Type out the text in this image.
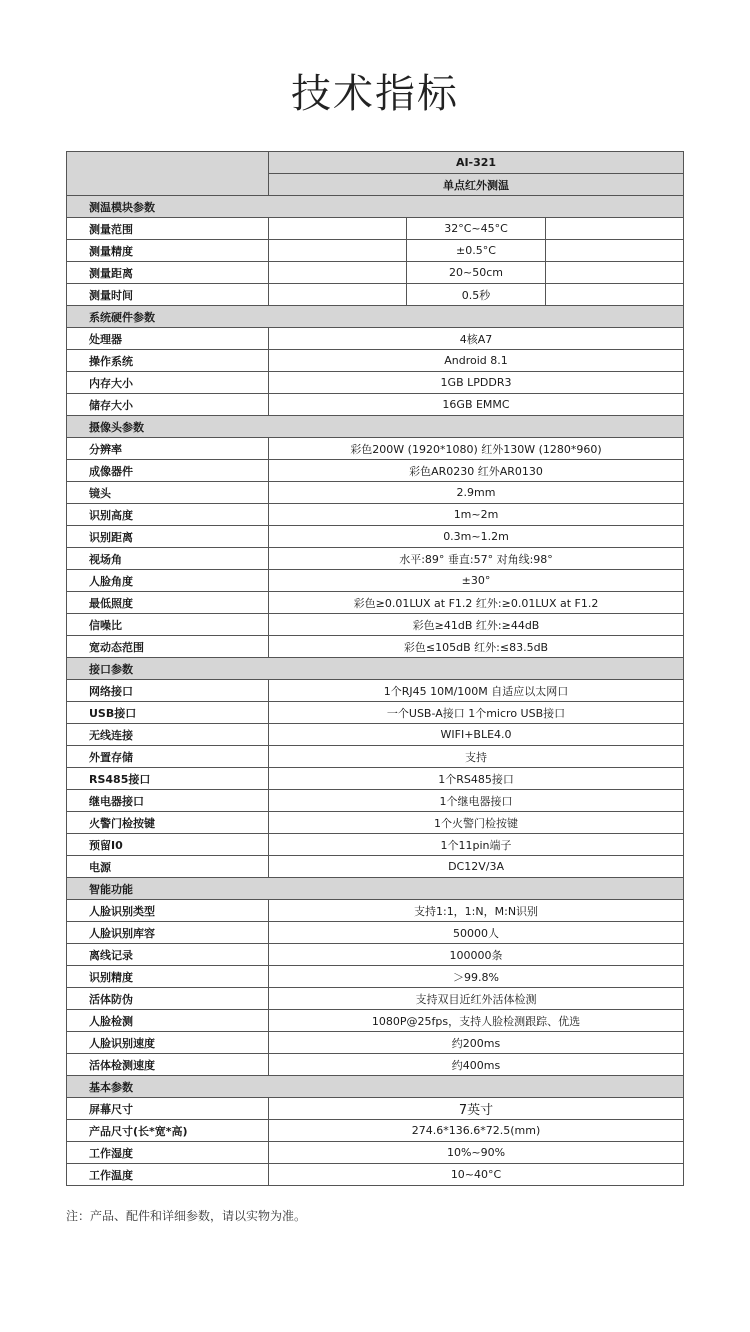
技术指标
	AI-321		
	单点红外测温		
测温模块参数			
测量范围		32°C~45°C	
测量精度		±0.5°C	
测量距离		20~50cm	
测量时间		0.5秒	
系统硬件参数			
处理器	4核A7		
操作系统	Android 8.1		
内存大小	1GB LPDDR3		
储存大小	16GB EMMC		
摄像头参数			
分辨率	彩色200W (1920*1080) 红外130W (1280*960)		
成像器件	彩色AR0230 红外AR0130		
镜头	2.9mm		
识别高度	1m~2m		
识别距离	0.3m~1.2m		
视场角	水平:89° 垂直:57° 对角线:98°		
人脸角度	±30°		
最低照度	彩色≥0.01LUX at F1.2 红外:≥0.01LUX at F1.2		
信噪比	彩色≥41dB 红外:≥44dB		
宽动态范围	彩色≤105dB 红外:≤83.5dB		
接口参数			
网络接口	1个RJ45 10M/100M 自适应以太网口		
USB接口	一个USB-A接口 1个micro USB接口		
无线连接	WIFI+BLE4.0		
外置存储	支持		
RS485接口	1个RS485接口		
继电器接口	1个继电器接口		
火警门检按键	1个火警门检按键		
预留I0	1个11pin端子		
电源	DC12V/3A		
智能功能			
人脸识别类型	支持1:1，1:N，M:N识别		
人脸识别库容	50000人		
离线记录	100000条		
识别精度	＞99.8%		
活体防伪	支持双目近红外活体检测		
人脸检测	1080P@25fps，支持人脸检测跟踪、优选		
人脸识别速度	约200ms		
活体检测速度	约400ms		
基本参数			
屏幕尺寸	7英寸		
产品尺寸(长*宽*高)	274.6*136.6*72.5(mm)		
工作湿度	10%~90%		
工作温度	10~40°C		
注：产品、配件和详细参数，请以实物为准。
